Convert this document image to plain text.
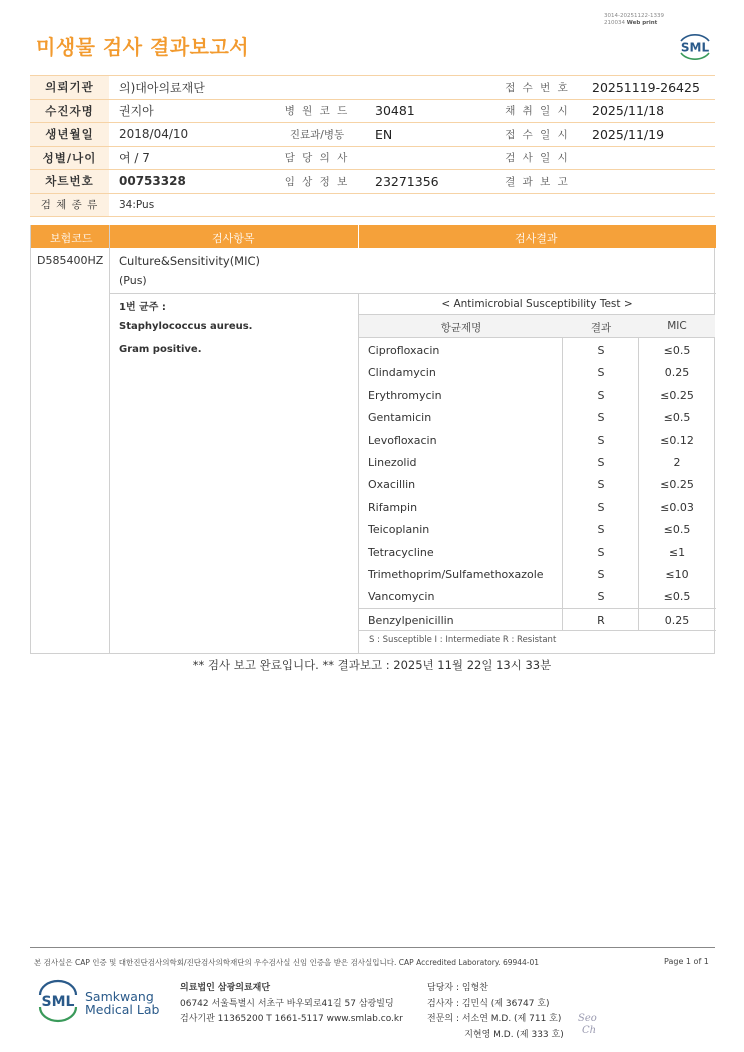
미생물 검사 결과보고서
3014-20251122-1339
210034 Web print
SML
의뢰기관	의)대아의료재단			접 수 번 호	20251119-26425
수진자명	권지아	병 원 코 드	30481	채 취 일 시	2025/11/18
생년월일	2018/04/10	진료과/병동	EN	접 수 일 시	2025/11/19
성별/나이	여 / 7	담 당 의 사		검 사 일 시	
차트번호	00753328	임 상 정 보	23271356	결 과 보 고	
검 체 종 류	34:Pus				
보험코드	검사항목	검사결과
D585400HZ Culture&Sensitivity(MIC)
(Pus)
1번 균주 :
Staphylococcus aureus.
Gram positive.
< Antimicrobial Susceptibility Test >
항균제명	결과	MIC
Ciprofloxacin	S	≤0.5
Clindamycin	S	0.25
Erythromycin	S	≤0.25
Gentamicin	S	≤0.5
Levofloxacin	S	≤0.12
Linezolid	S	2
Oxacillin	S	≤0.25
Rifampin	S	≤0.03
Teicoplanin	S	≤0.5
Tetracycline	S	≤1
Trimethoprim/Sulfamethoxazole	S	≤10
Vancomycin	S	≤0.5
Benzylpenicillin	R	0.25
S : Susceptible I : Intermediate R : Resistant
** 검사 보고 완료입니다. ** 결과보고 : 2025년 11월 22일 13시 33분
본 검사실은 CAP 인증 및 대한진단검사의학회/진단검사의학재단의 우수검사실 신임 인증을 받은 검사실입니다. CAP Accredited Laboratory. 69944-01	Page 1 of 1
SML Samkwang
Medical Lab
의료법인 삼광의료재단
06742 서울특별시 서초구 바우뫼로41길 57 삼광빌딩
검사기관 11365200 T 1661-5117 www.smlab.co.kr
담당자 : 임형찬
검사자 : 김민식 (제 36747 호)
전문의 : 서소연 M.D. (제 711 호)
지현영 M.D. (제 333 호)
Seo
Ch
